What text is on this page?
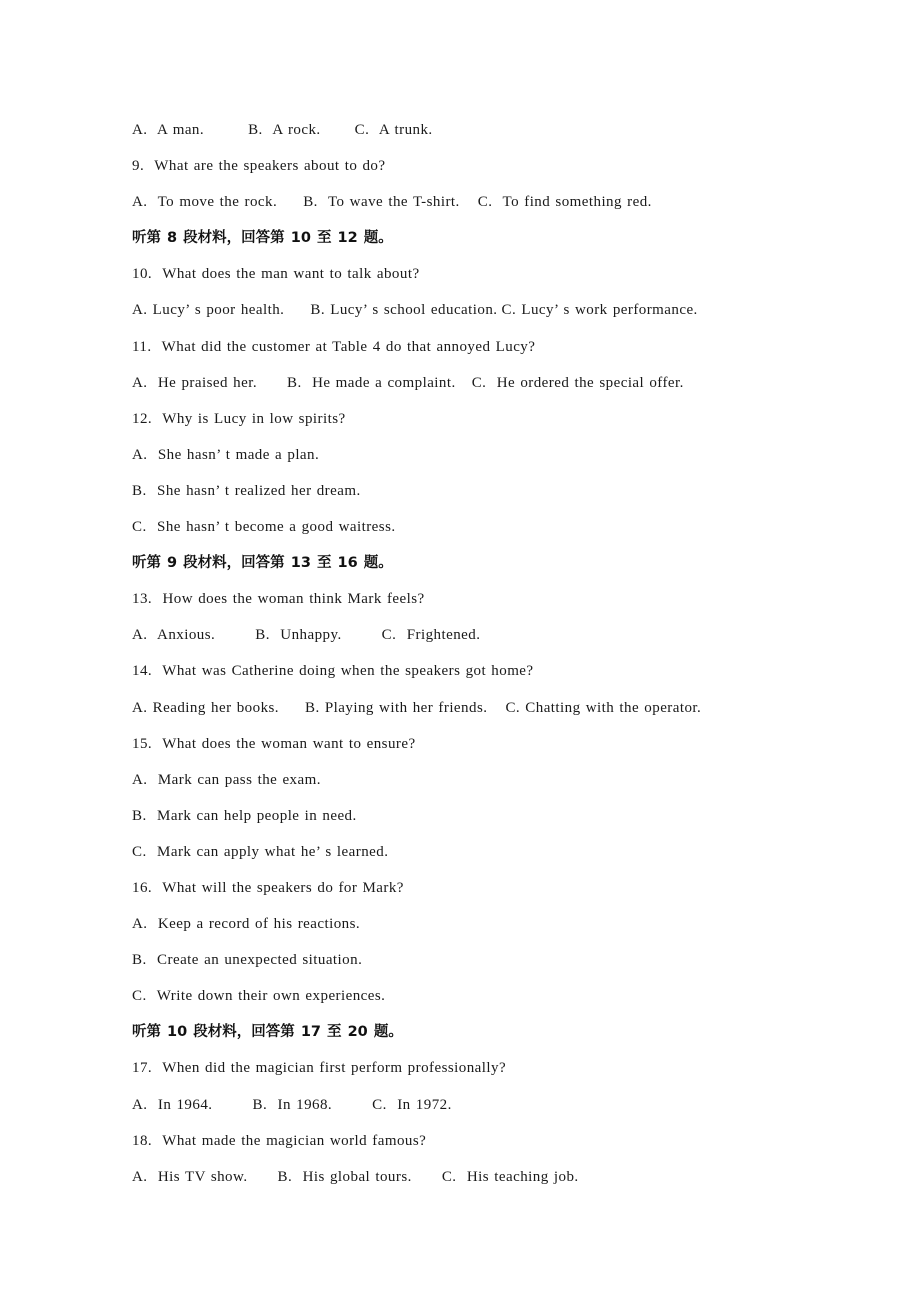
A.  A man.	B.  A rock. C.  A trunk.
9.  What are the speakers about to do?
A.  To move the rock. B.  To wave the T-shirt. C.  To find something red.
听第 8 段材料，回答第 10 至 12 题。
10.  What does the man want to talk about?
A. Lucy’ s poor health. B. Lucy’ s school education. C. Lucy’ s work performance.
11.  What did the customer at Table 4 do that annoyed Lucy?
A.  He praised her. B.  He made a complaint. C.  He ordered the special offer.
12.  Why is Lucy in low spirits?
A.  She hasn’ t made a plan.
B.  She hasn’ t realized her dream.
C.  She hasn’ t become a good waitress.
听第 9 段材料，回答第 13 至 16 题。
13.  How does the woman think Mark feels?
A.  Anxious.	B.  Unhappy.	C.  Frightened.
14.  What was Catherine doing when the speakers got home?
A. Reading her books. B. Playing with her friends. C. Chatting with the operator.
15.  What does the woman want to ensure?
A.  Mark can pass the exam.
B.  Mark can help people in need.
C.  Mark can apply what he’ s learned.
16.  What will the speakers do for Mark?
A.  Keep a record of his reactions.
B.  Create an unexpected situation.
C.  Write down their own experiences.
听第 10 段材料，回答第 17 至 20 题。
17.  When did the magician first perform professionally?
A.  In 1964.	B.  In 1968.	C.  In 1972.
18.  What made the magician world famous?
A.  His TV show. B.  His global tours. C.  His teaching job.
